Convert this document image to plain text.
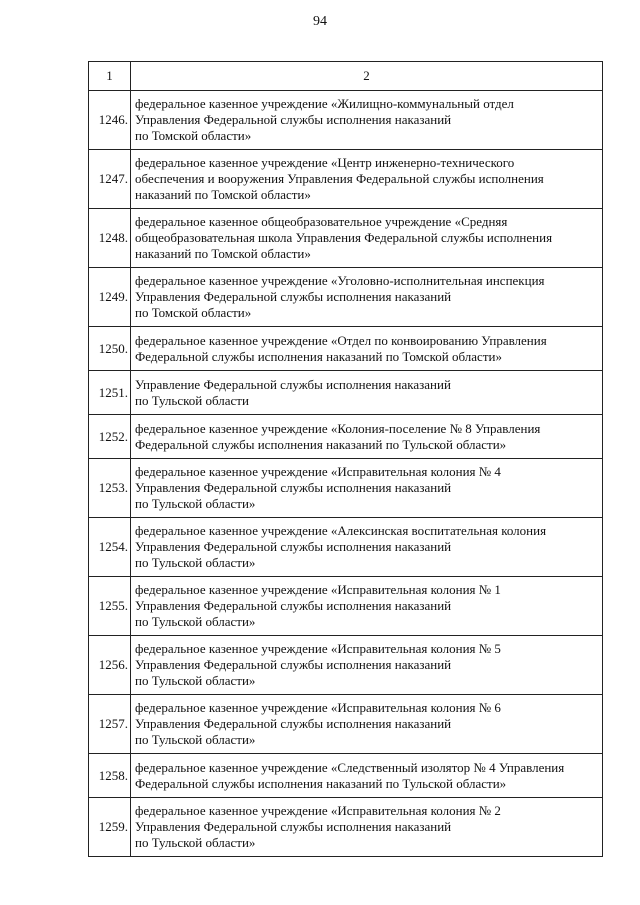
94
1	2
1246.	федеральное казенное учреждение «Жилищно-коммунальный отдел
Управления Федеральной службы исполнения наказаний
по Томской области»
1247.	федеральное казенное учреждение «Центр инженерно-технического
обеспечения и вооружения Управления Федеральной службы исполнения
наказаний по Томской области»
1248.	федеральное казенное общеобразовательное учреждение «Средняя
общеобразовательная школа Управления Федеральной службы исполнения
наказаний по Томской области»
1249.	федеральное казенное учреждение «Уголовно-исполнительная инспекция
Управления Федеральной службы исполнения наказаний
по Томской области»
1250.	федеральное казенное учреждение «Отдел по конвоированию Управления
Федеральной службы исполнения наказаний по Томской области»
1251.	Управление Федеральной службы исполнения наказаний
по Тульской области
1252.	федеральное казенное учреждение «Колония-поселение № 8 Управления
Федеральной службы исполнения наказаний по Тульской области»
1253.	федеральное казенное учреждение «Исправительная колония № 4
Управления Федеральной службы исполнения наказаний
по Тульской области»
1254.	федеральное казенное учреждение «Алексинская воспитательная колония
Управления Федеральной службы исполнения наказаний
по Тульской области»
1255.	федеральное казенное учреждение «Исправительная колония № 1
Управления Федеральной службы исполнения наказаний
по Тульской области»
1256.	федеральное казенное учреждение «Исправительная колония № 5
Управления Федеральной службы исполнения наказаний
по Тульской области»
1257.	федеральное казенное учреждение «Исправительная колония № 6
Управления Федеральной службы исполнения наказаний
по Тульской области»
1258.	федеральное казенное учреждение «Следственный изолятор № 4 Управления
Федеральной службы исполнения наказаний по Тульской области»
1259.	федеральное казенное учреждение «Исправительная колония № 2
Управления Федеральной службы исполнения наказаний
по Тульской области»
